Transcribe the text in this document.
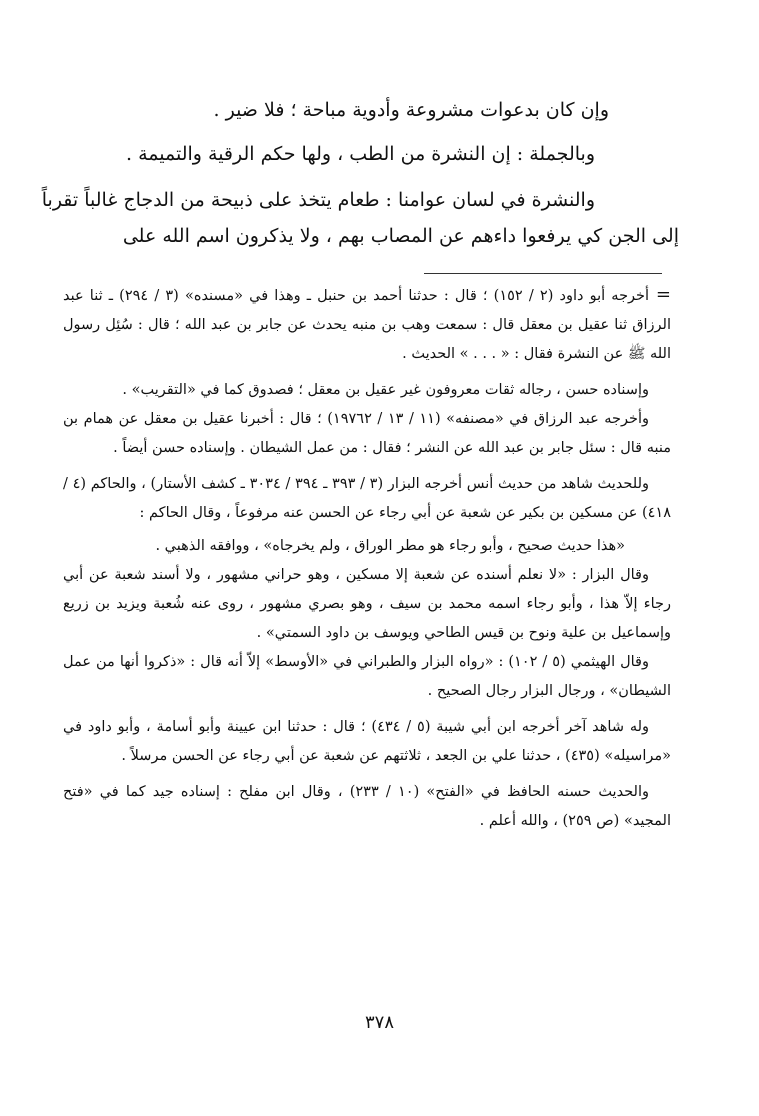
وإن كان بدعوات مشروعة وأدوية مباحة ؛ فلا ضير .

وبالجملة : إن النشرة من الطب ، ولها حكم الرقية والتميمة .

والنشرة في لسان عوامنا : طعام يتخذ على ذبيحة من الدجاج غالباً تقرباً

إلى الجن كي يرفعوا داءهم عن المصاب بهم ، ولا يذكرون اسم الله على

=

أخرجه أبو داود (٢ / ١٥٢) ؛ قال : حدثنا أحمد بن حنبل ـ وهذا في «مسنده» (٣ / ٢٩٤) ـ ثنا عبد الرزاق ثنا عقيل بن معقل قال : سمعت وهب بن منبه يحدث عن جابر بن عبد الله ؛ قال : سُئِل رسول الله ﷺ عن النشرة فقال : « . . . » الحديث .

وإسناده حسن ، رجاله ثقات معروفون غير عقيل بن معقل ؛ فصدوق كما في «التقريب» .

وأخرجه عبد الرزاق في «مصنفه» (١١ / ١٣ / ١٩٧٦٢) ؛ قال : أخبرنا عقيل بن معقل عن همام بن منبه قال : سئل جابر بن عبد الله عن النشر ؛ فقال : من عمل الشيطان . وإسناده حسن أيضاً .

وللحديث شاهد من حديث أنس أخرجه البزار (٣ / ٣٩٣ ـ ٣٩٤ / ٣٠٣٤ ـ كشف الأستار) ، والحاكم (٤ / ٤١٨) عن مسكين بن بكير عن شعبة عن أبي رجاء عن الحسن عنه مرفوعاً ، وقال الحاكم :

«هذا حديث صحيح ، وأبو رجاء هو مطر الوراق ، ولم يخرجاه» ، ووافقه الذهبي .

وقال البزار : «لا نعلم أسنده عن شعبة إلا مسكين ، وهو حراني مشهور ، ولا أسند شعبة عن أبي رجاء إلاّ هذا ، وأبو رجاء اسمه محمد بن سيف ، وهو بصري مشهور ، روى عنه شُعبة ويزيد بن زريع وإسماعيل بن علية ونوح بن قيس الطاحي ويوسف بن داود السمتي» .

وقال الهيثمي (٥ / ١٠٢) : «رواه البزار والطبراني في «الأوسط» إلاّ أنه قال : «ذكروا أنها من عمل الشيطان» ، ورجال البزار رجال الصحيح .

وله شاهد آخر أخرجه ابن أبي شيبة (٥ / ٤٣٤) ؛ قال : حدثنا ابن عيينة وأبو أسامة ، وأبو داود في «مراسيله» (٤٣٥) ، حدثنا علي بن الجعد ، ثلاثتهم عن شعبة عن أبي رجاء عن الحسن مرسلاً .

والحديث حسنه الحافظ في «الفتح» (١٠ / ٢٣٣) ، وقال ابن مفلح : إسناده جيد كما في «فتح المجيد» (ص ٢٥٩) ، والله أعلم .

٣٧٨
